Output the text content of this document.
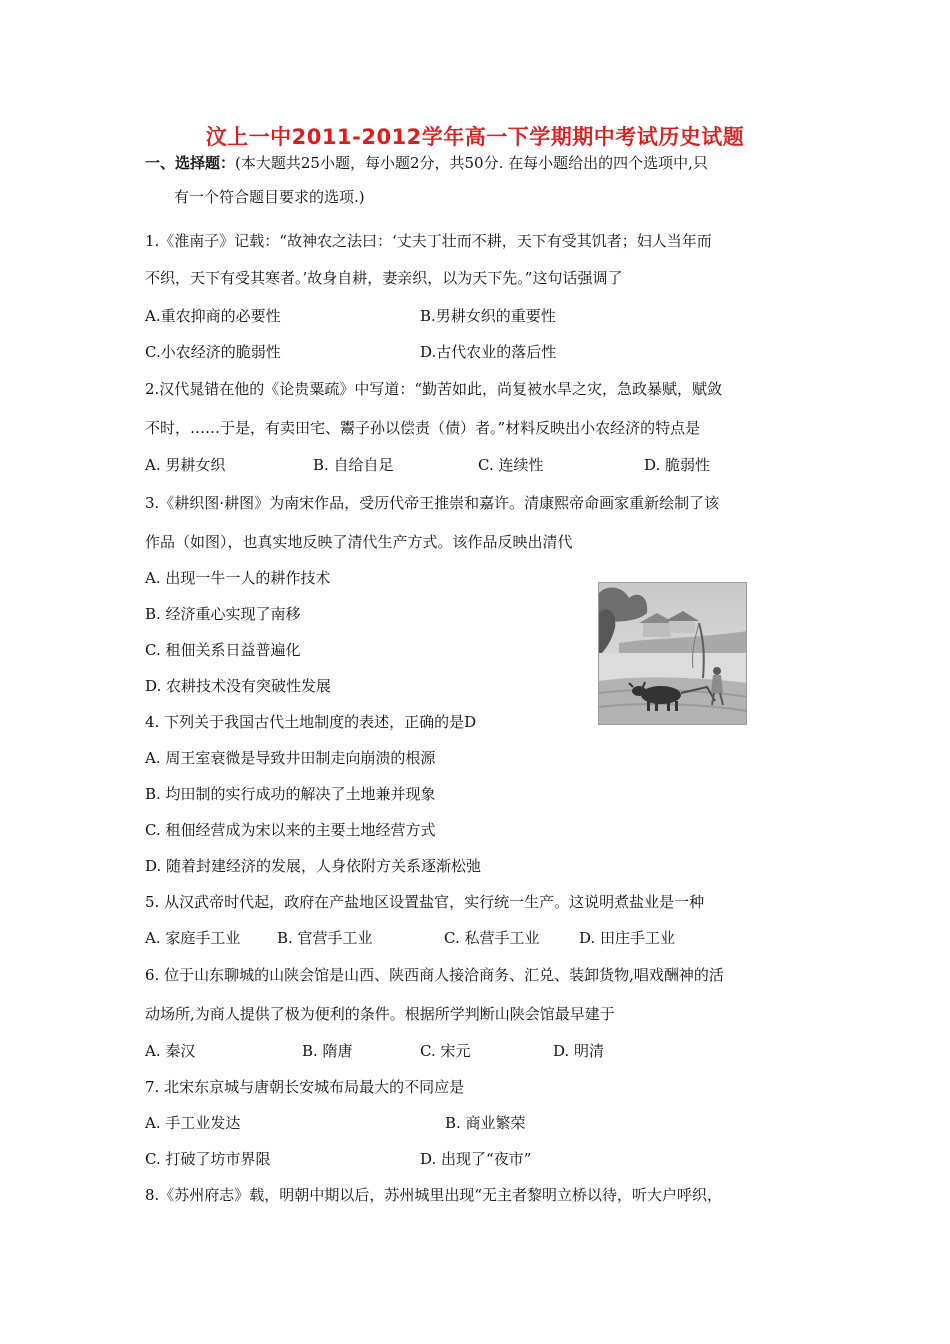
汶上一中2011-2012学年高一下学期期中考试历史试题
一、选择题：(本大题共25小题，每小题2分，共50分. 在每小题给出的四个选项中,只
有一个符合题目要求的选项.)
1.《淮南子》记载：“故神农之法曰：‘丈夫丁壮而不耕，天下有受其饥者；妇人当年而
不织，天下有受其寒者。’故身自耕，妻亲织，以为天下先。”这句话强调了
A.重农抑商的必要性	B.男耕女织的重要性
C.小农经济的脆弱性	D.古代农业的落后性
2.汉代晁错在他的《论贵粟疏》中写道：“勤苦如此，尚复被水旱之灾，急政暴赋，赋敛
不时，……于是，有卖田宅、鬻子孙以偿责（债）者。”材料反映出小农经济的特点是
A. 男耕女织	B. 自给自足	C. 连续性	D. 脆弱性
3.《耕织图·耕图》为南宋作品，受历代帝王推崇和嘉许。清康熙帝命画家重新绘制了该
作品（如图），也真实地反映了清代生产方式。该作品反映出清代
A. 出现一牛一人的耕作技术
B. 经济重心实现了南移
C. 租佃关系日益普遍化
D. 农耕技术没有突破性发展
4. 下列关于我国古代土地制度的表述，正确的是D
A. 周王室衰微是导致井田制走向崩溃的根源
B. 均田制的实行成功的解决了土地兼并现象
C. 租佃经营成为宋以来的主要土地经营方式
D. 随着封建经济的发展，人身依附方关系逐渐松弛
5. 从汉武帝时代起，政府在产盐地区设置盐官，实行统一生产。这说明煮盐业是一种
A. 家庭手工业 B. 官营手工业	C. 私营手工业	D. 田庄手工业
6. 位于山东聊城的山陕会馆是山西、陕西商人接洽商务、汇兑、装卸货物,唱戏酬神的活
动场所,为商人提供了极为便利的条件。根据所学判断山陕会馆最早建于
A. 秦汉	B. 隋唐	C. 宋元	D. 明清
7. 北宋东京城与唐朝长安城布局最大的不同应是
A. 手工业发达	B. 商业繁荣
C. 打破了坊市界限	D. 出现了“夜市”
8.《苏州府志》载，明朝中期以后，苏州城里出现“无主者黎明立桥以待，听大户呼织，
